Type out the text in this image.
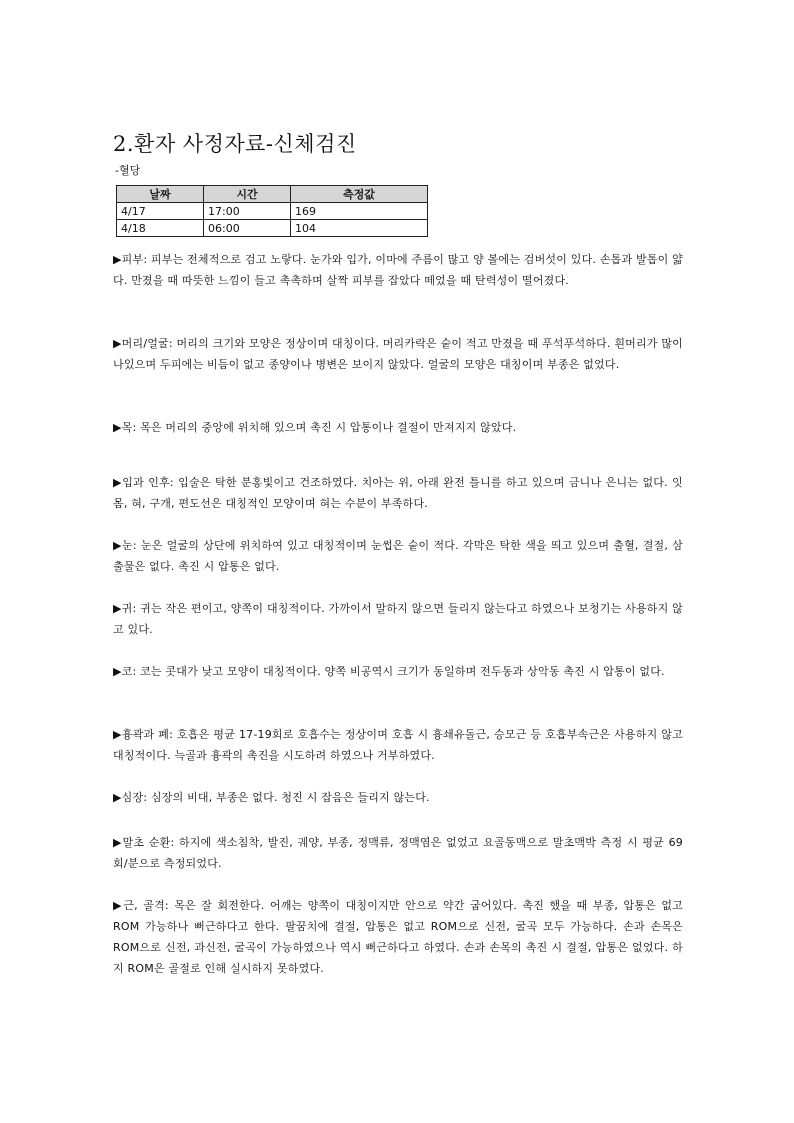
2.환자 사정자료-신체검진
-혈당
날짜	시간	측정값
4/17	17:00	169
4/18	06:00	104

▶피부: 피부는 전체적으로 검고 노랗다. 눈가와 입가, 이마에 주름이 많고 양 볼에는 검버섯이 있다. 손톱과 발톱이 얇다. 만졌을 때 따뜻한 느낌이 들고 촉촉하며 살짝 피부를 잡았다 떼었을 때 탄력성이 떨어졌다.

▶머리/얼굴: 머리의 크기와 모양은 정상이며 대칭이다. 머리카락은 숱이 적고 만졌을 때 푸석푸석하다. 흰머리가 많이 나있으며 두피에는 비듬이 없고 종양이나 병변은 보이지 않았다. 얼굴의 모양은 대칭이며 부종은 없었다.

▶목: 목은 머리의 중앙에 위치해 있으며 촉진 시 압통이나 결절이 만져지지 않았다.

▶입과 인후: 입술은 탁한 분홍빛이고 건조하였다. 치아는 위, 아래 완전 틀니를 하고 있으며 금니나 은니는 없다. 잇몸, 혀, 구개, 편도선은 대칭적인 모양이며 혀는 수분이 부족하다.

▶눈: 눈은 얼굴의 상단에 위치하여 있고 대칭적이며 눈썹은 숱이 적다. 각막은 탁한 색을 띄고 있으며 출혈, 결절, 삼출물은 없다. 촉진 시 압통은 없다.

▶귀: 귀는 작은 편이고, 양쪽이 대칭적이다. 가까이서 말하지 않으면 들리지 않는다고 하였으나 보청기는 사용하지 않고 있다.

▶코: 코는 콧대가 낮고 모양이 대칭적이다. 양쪽 비공역시 크기가 동일하며 전두동과 상악동 촉진 시 압통이 없다.

▶흉곽과 폐: 호흡은 평균 17-19회로 호흡수는 정상이며 호흡 시 흉쇄유돌근, 승모근 등 호흡부속근은 사용하지 않고 대칭적이다. 늑골과 흉곽의 촉진을 시도하려 하였으나 거부하였다.

▶심장: 심장의 비대, 부종은 없다. 청진 시 잡음은 들리지 않는다.

▶말초 순환: 하지에 색소침착, 발진, 궤양, 부종, 정맥류, 정맥염은 없었고 요골동맥으로 말초맥박 측정 시 평균 69회/분으로 측정되었다.

▶근, 골격: 목은 잘 회전한다. 어깨는 양쪽이 대칭이지만 안으로 약간 굽어있다. 촉진 했을 때 부종, 압통은 없고 ROM 가능하나 뻐근하다고 한다. 팔꿈치에 결절, 압통은 없고 ROM으로 신전, 굴곡 모두 가능하다. 손과 손목은 ROM으로 신전, 과신전, 굴곡이 가능하였으나 역시 뻐근하다고 하였다. 손과 손목의 촉진 시 결절, 압통은 없었다. 하지 ROM은 골절로 인해 실시하지 못하였다.
